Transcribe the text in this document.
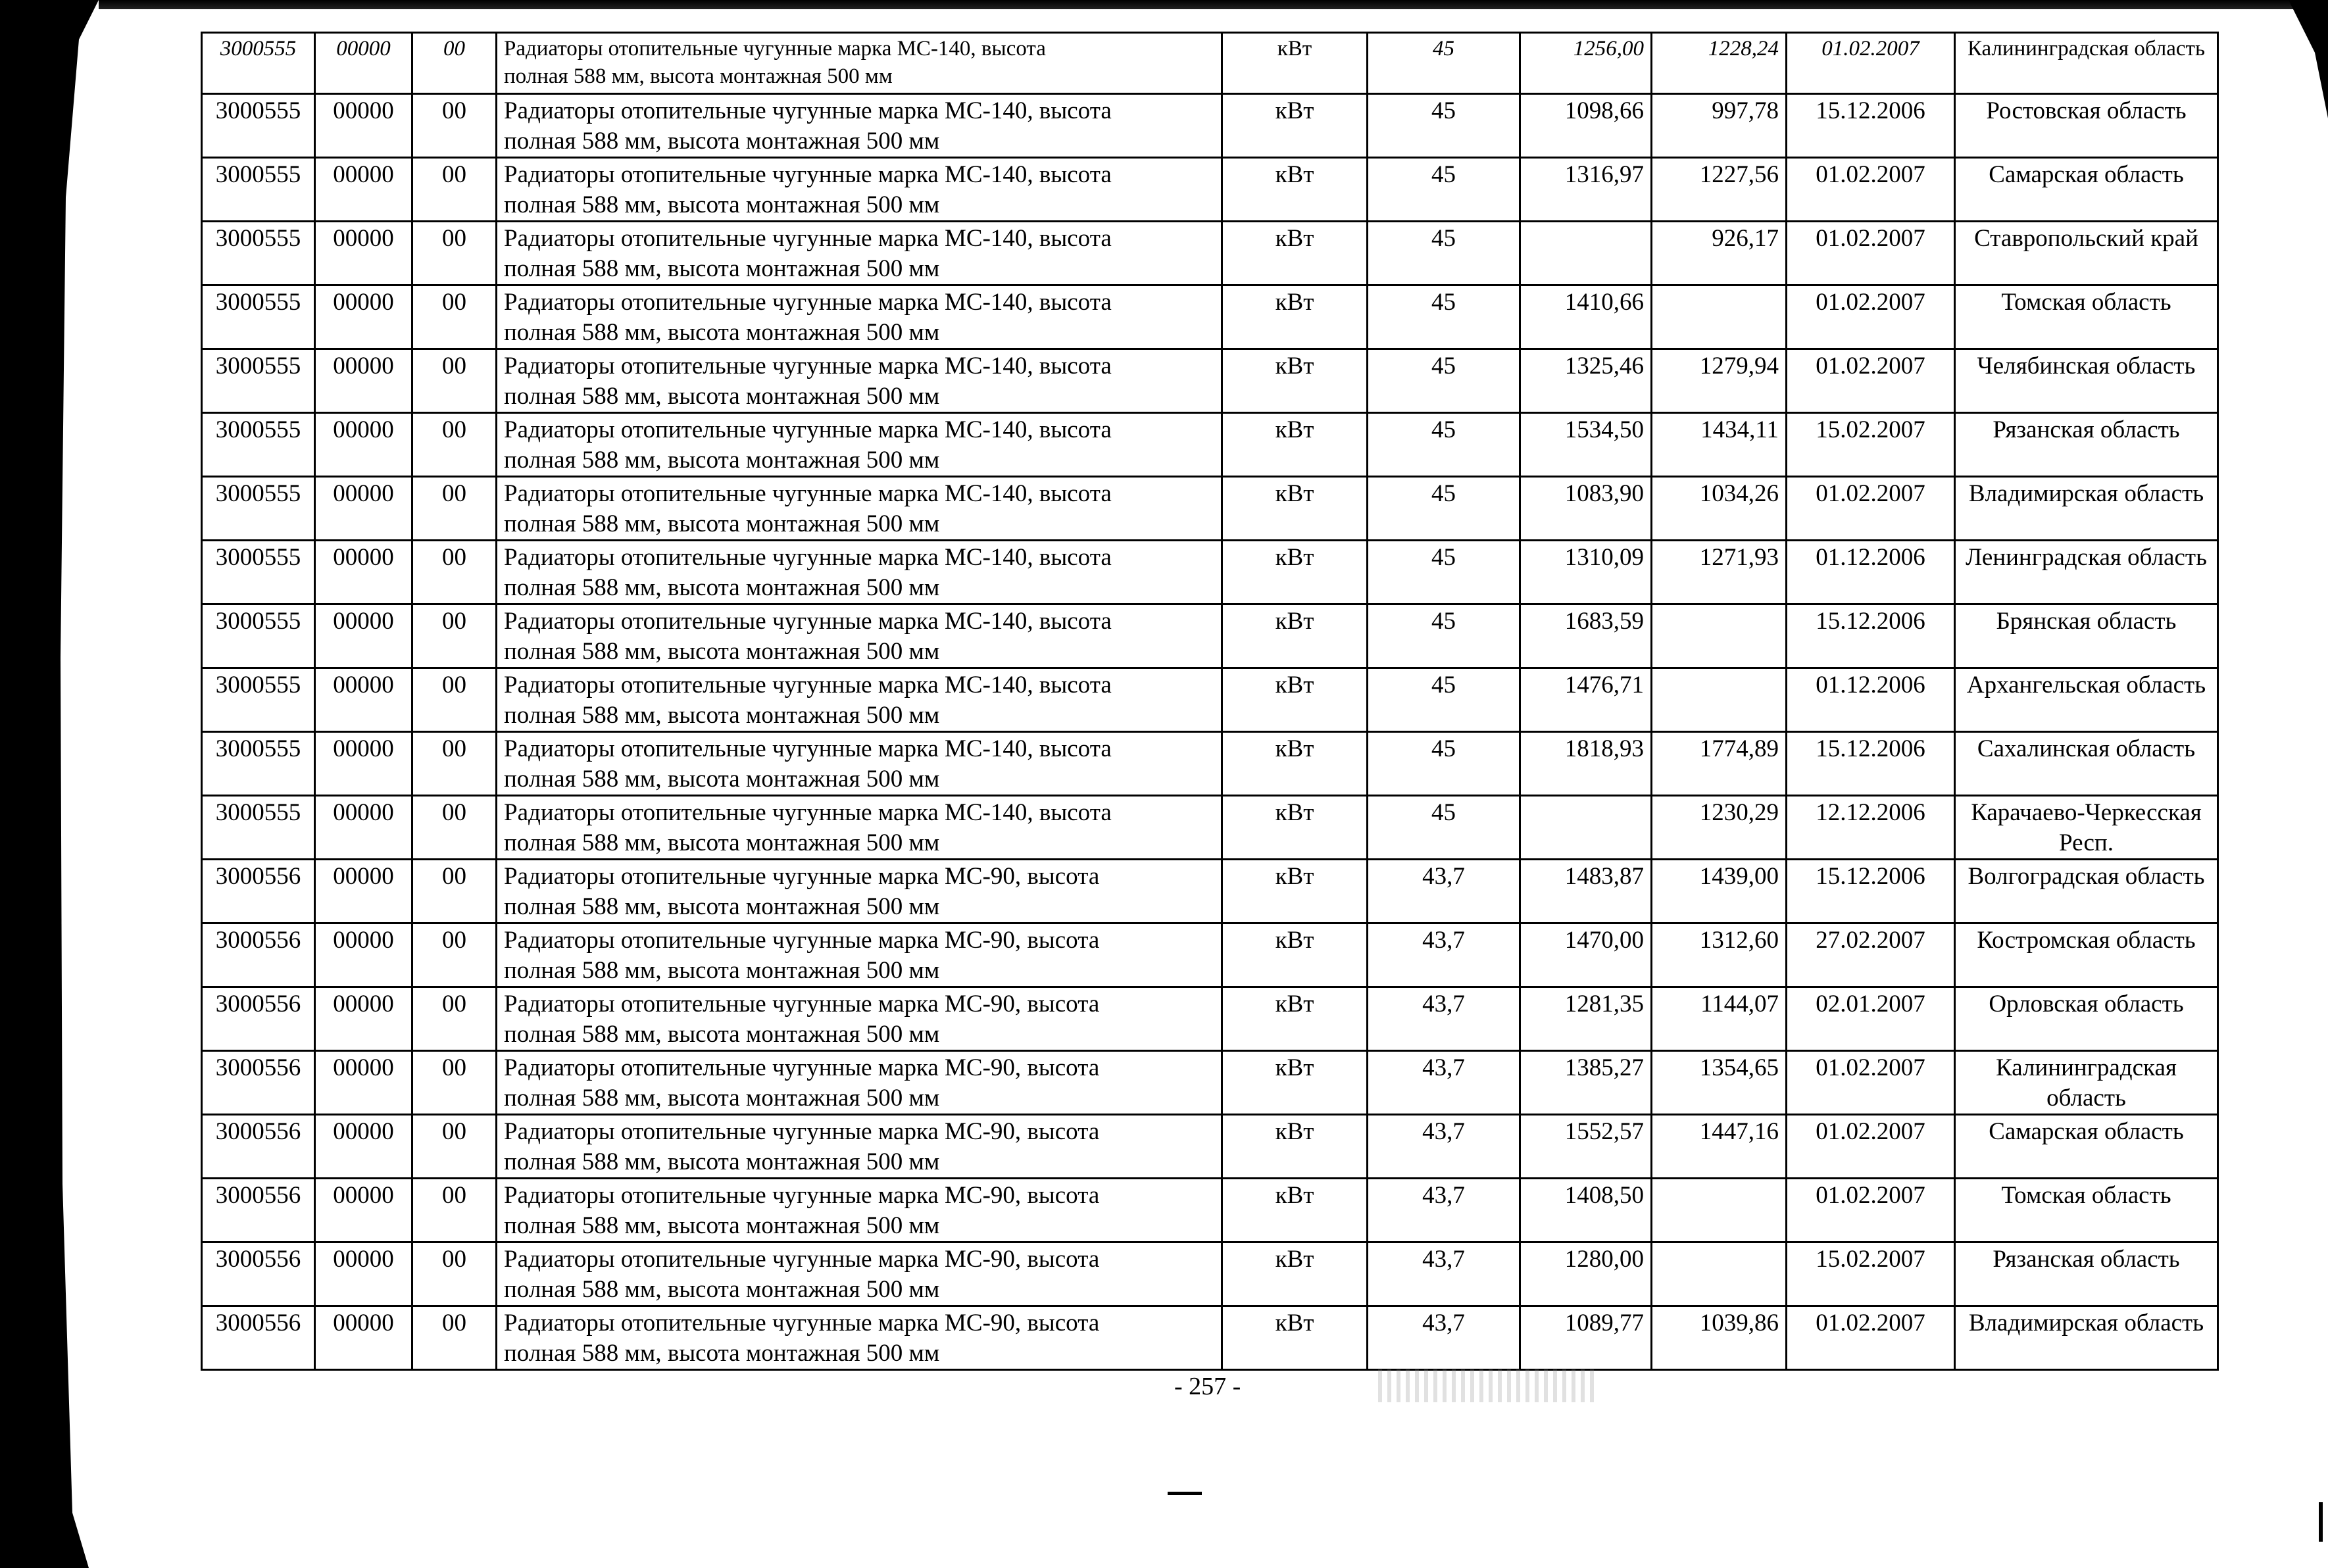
3000555	00000	00	Радиаторы отопительные чугунные марка МС-140, высота
полная 588 мм, высота монтажная 500 мм	кВт	45	1256,00	1228,24	01.02.2007	Калининградская область
3000555	00000	00	Радиаторы отопительные чугунные марка МС-140, высота
полная 588 мм, высота монтажная 500 мм	кВт	45	1098,66	997,78	15.12.2006	Ростовская область
3000555	00000	00	Радиаторы отопительные чугунные марка МС-140, высота
полная 588 мм, высота монтажная 500 мм	кВт	45	1316,97	1227,56	01.02.2007	Самарская область
3000555	00000	00	Радиаторы отопительные чугунные марка МС-140, высота
полная 588 мм, высота монтажная 500 мм	кВт	45		926,17	01.02.2007	Ставропольский край
3000555	00000	00	Радиаторы отопительные чугунные марка МС-140, высота
полная 588 мм, высота монтажная 500 мм	кВт	45	1410,66		01.02.2007	Томская область
3000555	00000	00	Радиаторы отопительные чугунные марка МС-140, высота
полная 588 мм, высота монтажная 500 мм	кВт	45	1325,46	1279,94	01.02.2007	Челябинская область
3000555	00000	00	Радиаторы отопительные чугунные марка МС-140, высота
полная 588 мм, высота монтажная 500 мм	кВт	45	1534,50	1434,11	15.02.2007	Рязанская область
3000555	00000	00	Радиаторы отопительные чугунные марка МС-140, высота
полная 588 мм, высота монтажная 500 мм	кВт	45	1083,90	1034,26	01.02.2007	Владимирская область
3000555	00000	00	Радиаторы отопительные чугунные марка МС-140, высота
полная 588 мм, высота монтажная 500 мм	кВт	45	1310,09	1271,93	01.12.2006	Ленинградская область
3000555	00000	00	Радиаторы отопительные чугунные марка МС-140, высота
полная 588 мм, высота монтажная 500 мм	кВт	45	1683,59		15.12.2006	Брянская область
3000555	00000	00	Радиаторы отопительные чугунные марка МС-140, высота
полная 588 мм, высота монтажная 500 мм	кВт	45	1476,71		01.12.2006	Архангельская область
3000555	00000	00	Радиаторы отопительные чугунные марка МС-140, высота
полная 588 мм, высота монтажная 500 мм	кВт	45	1818,93	1774,89	15.12.2006	Сахалинская область
3000555	00000	00	Радиаторы отопительные чугунные марка МС-140, высота
полная 588 мм, высота монтажная 500 мм	кВт	45		1230,29	12.12.2006	Карачаево-Черкесская Респ.
3000556	00000	00	Радиаторы отопительные чугунные марка МС-90, высота
полная 588 мм, высота монтажная 500 мм	кВт	43,7	1483,87	1439,00	15.12.2006	Волгоградская область
3000556	00000	00	Радиаторы отопительные чугунные марка МС-90, высота
полная 588 мм, высота монтажная 500 мм	кВт	43,7	1470,00	1312,60	27.02.2007	Костромская область
3000556	00000	00	Радиаторы отопительные чугунные марка МС-90, высота
полная 588 мм, высота монтажная 500 мм	кВт	43,7	1281,35	1144,07	02.01.2007	Орловская область
3000556	00000	00	Радиаторы отопительные чугунные марка МС-90, высота
полная 588 мм, высота монтажная 500 мм	кВт	43,7	1385,27	1354,65	01.02.2007	Калининградская область
3000556	00000	00	Радиаторы отопительные чугунные марка МС-90, высота
полная 588 мм, высота монтажная 500 мм	кВт	43,7	1552,57	1447,16	01.02.2007	Самарская область
3000556	00000	00	Радиаторы отопительные чугунные марка МС-90, высота
полная 588 мм, высота монтажная 500 мм	кВт	43,7	1408,50		01.02.2007	Томская область
3000556	00000	00	Радиаторы отопительные чугунные марка МС-90, высота
полная 588 мм, высота монтажная 500 мм	кВт	43,7	1280,00		15.02.2007	Рязанская область
3000556	00000	00	Радиаторы отопительные чугунные марка МС-90, высота
полная 588 мм, высота монтажная 500 мм	кВт	43,7	1089,77	1039,86	01.02.2007	Владимирская область
- 257 -
